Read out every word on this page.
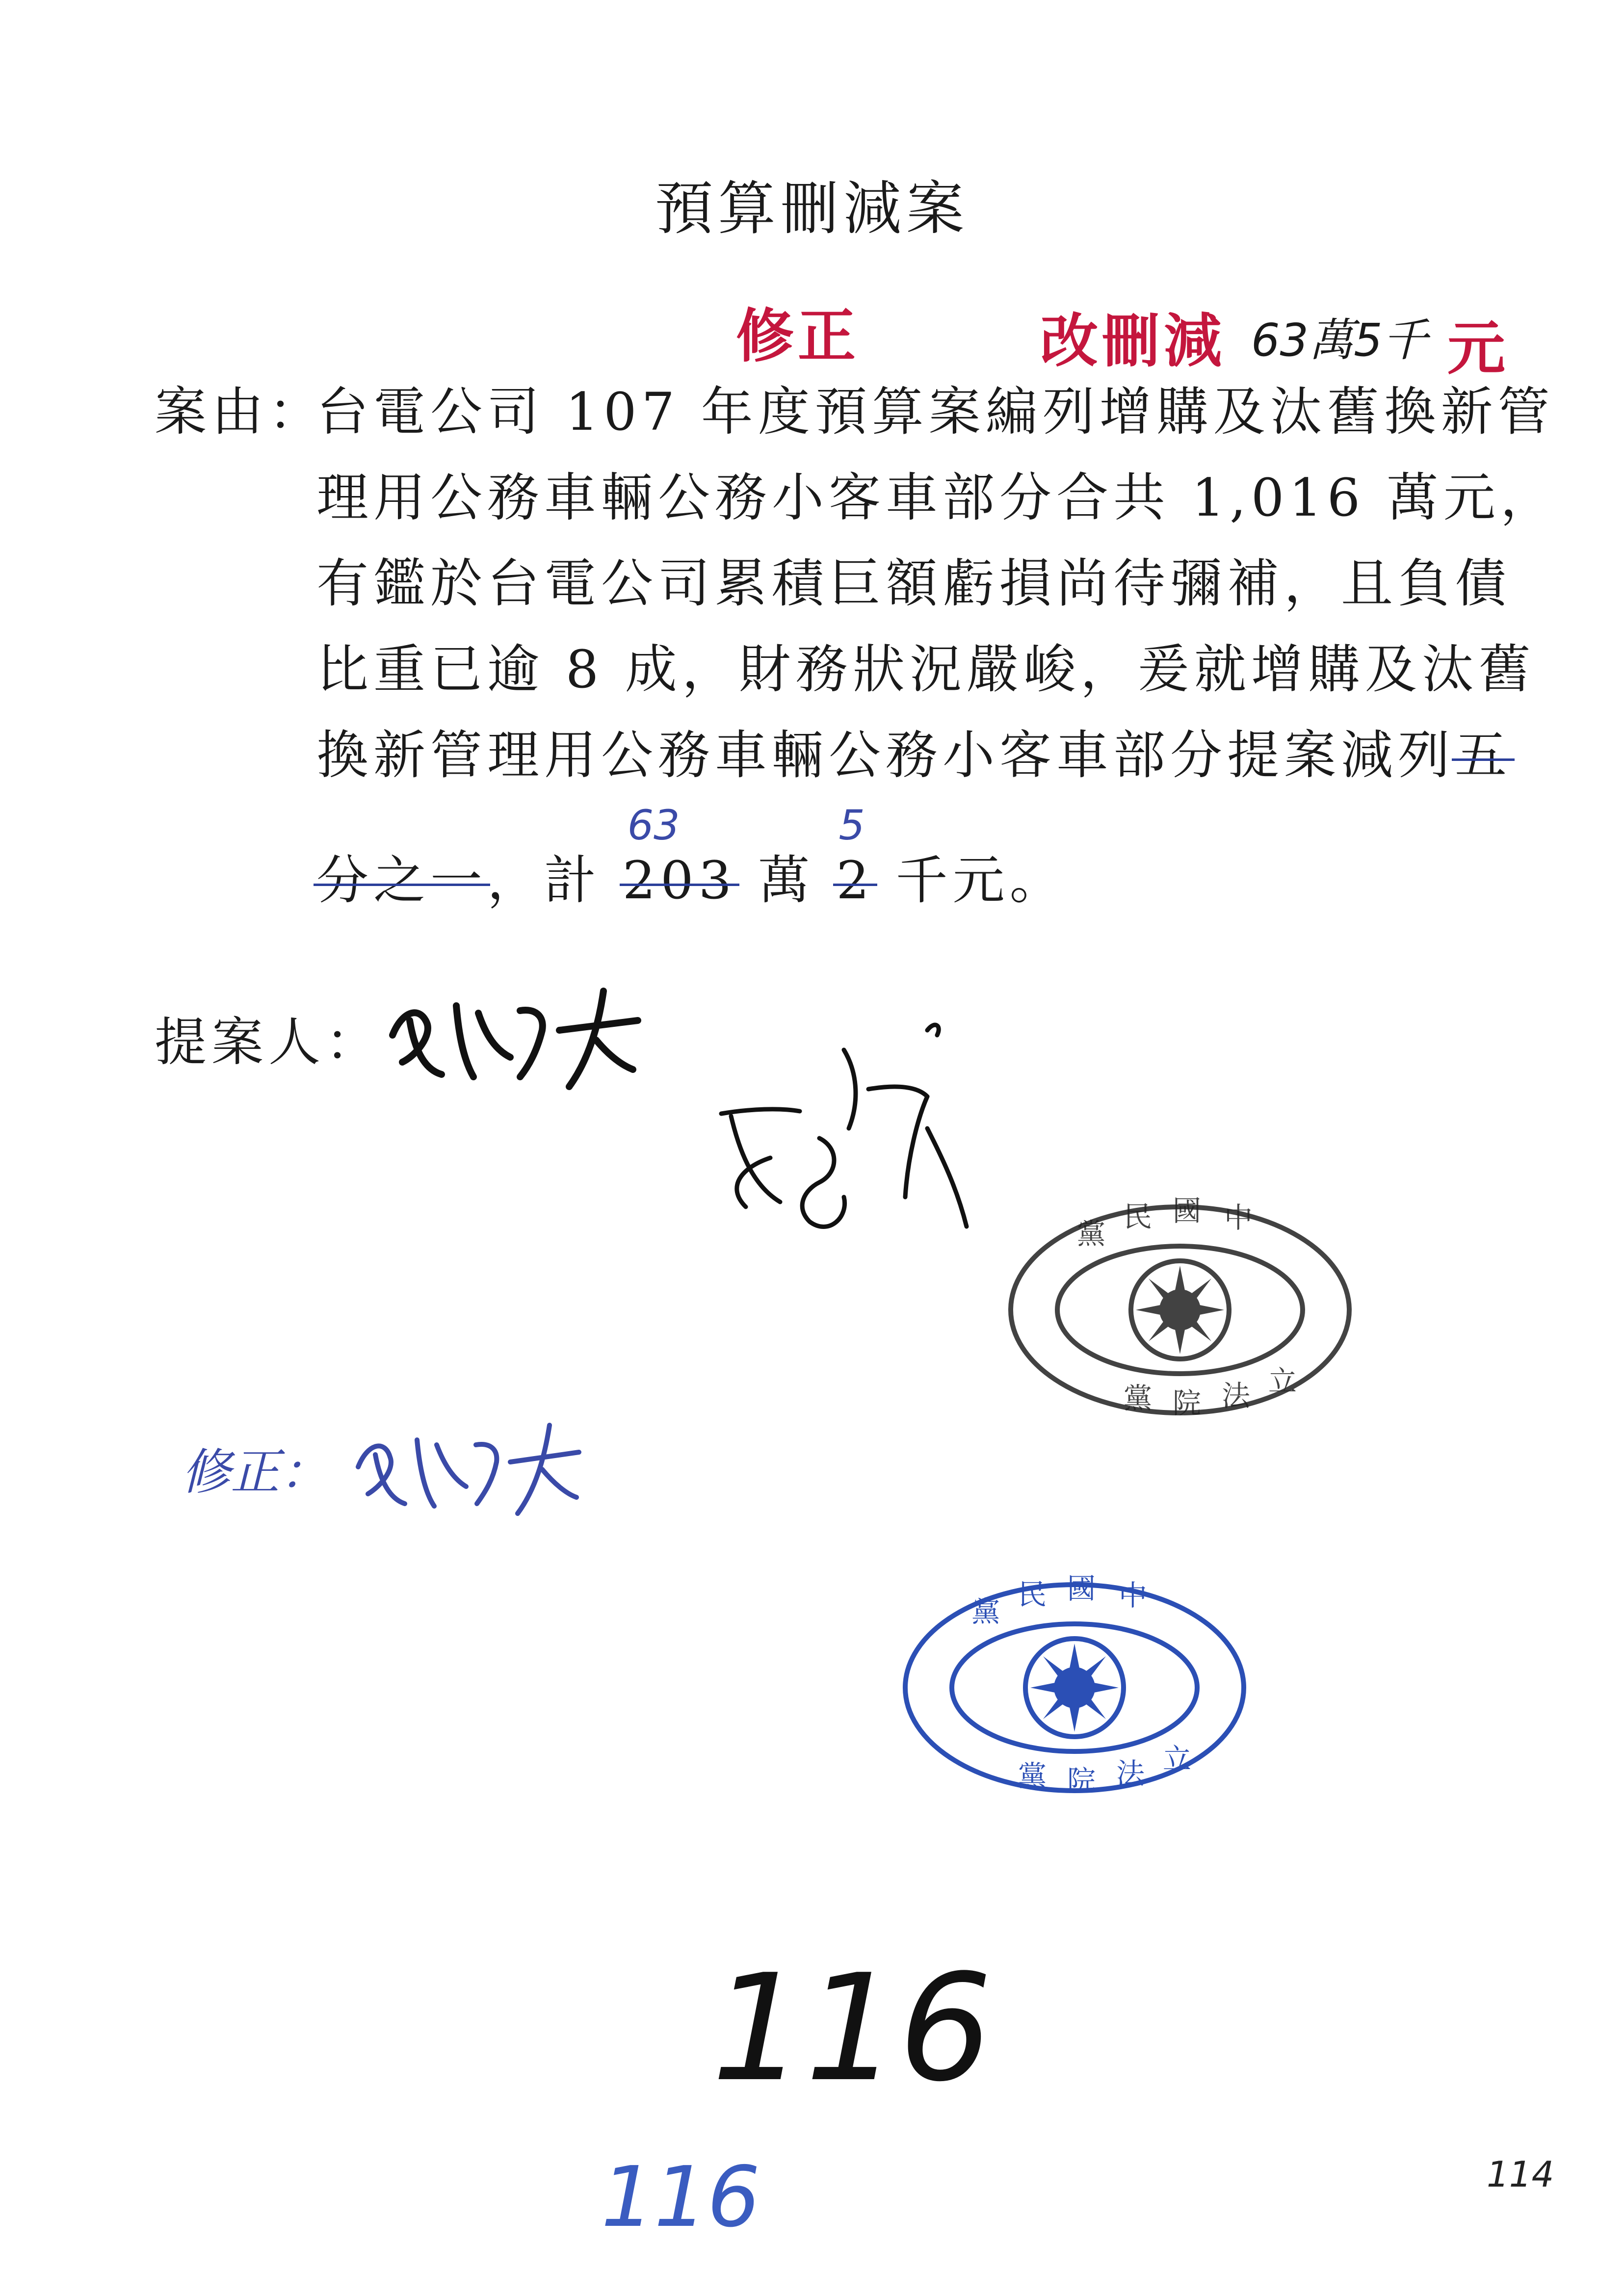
預算刪減案
修正	改刪減 63萬5千 元
案由：
台電公司 107 年度預算案編列增購及汰舊換新管
理用公務車輛公務小客車部分合共 1,016 萬元，
有鑑於台電公司累積巨額虧損尚待彌補，且負債
比重已逾 8 成，財務狀況嚴峻，爰就增購及汰舊
換新管理用公務車輛公務小客車部分提案減列五
分之一，計 203
63
萬 2
5
千元。
提案人：
黨
民 國 中
黨 院 法 立
修正：
黨
民 國 中
黨 院 法 立
116
116	114
